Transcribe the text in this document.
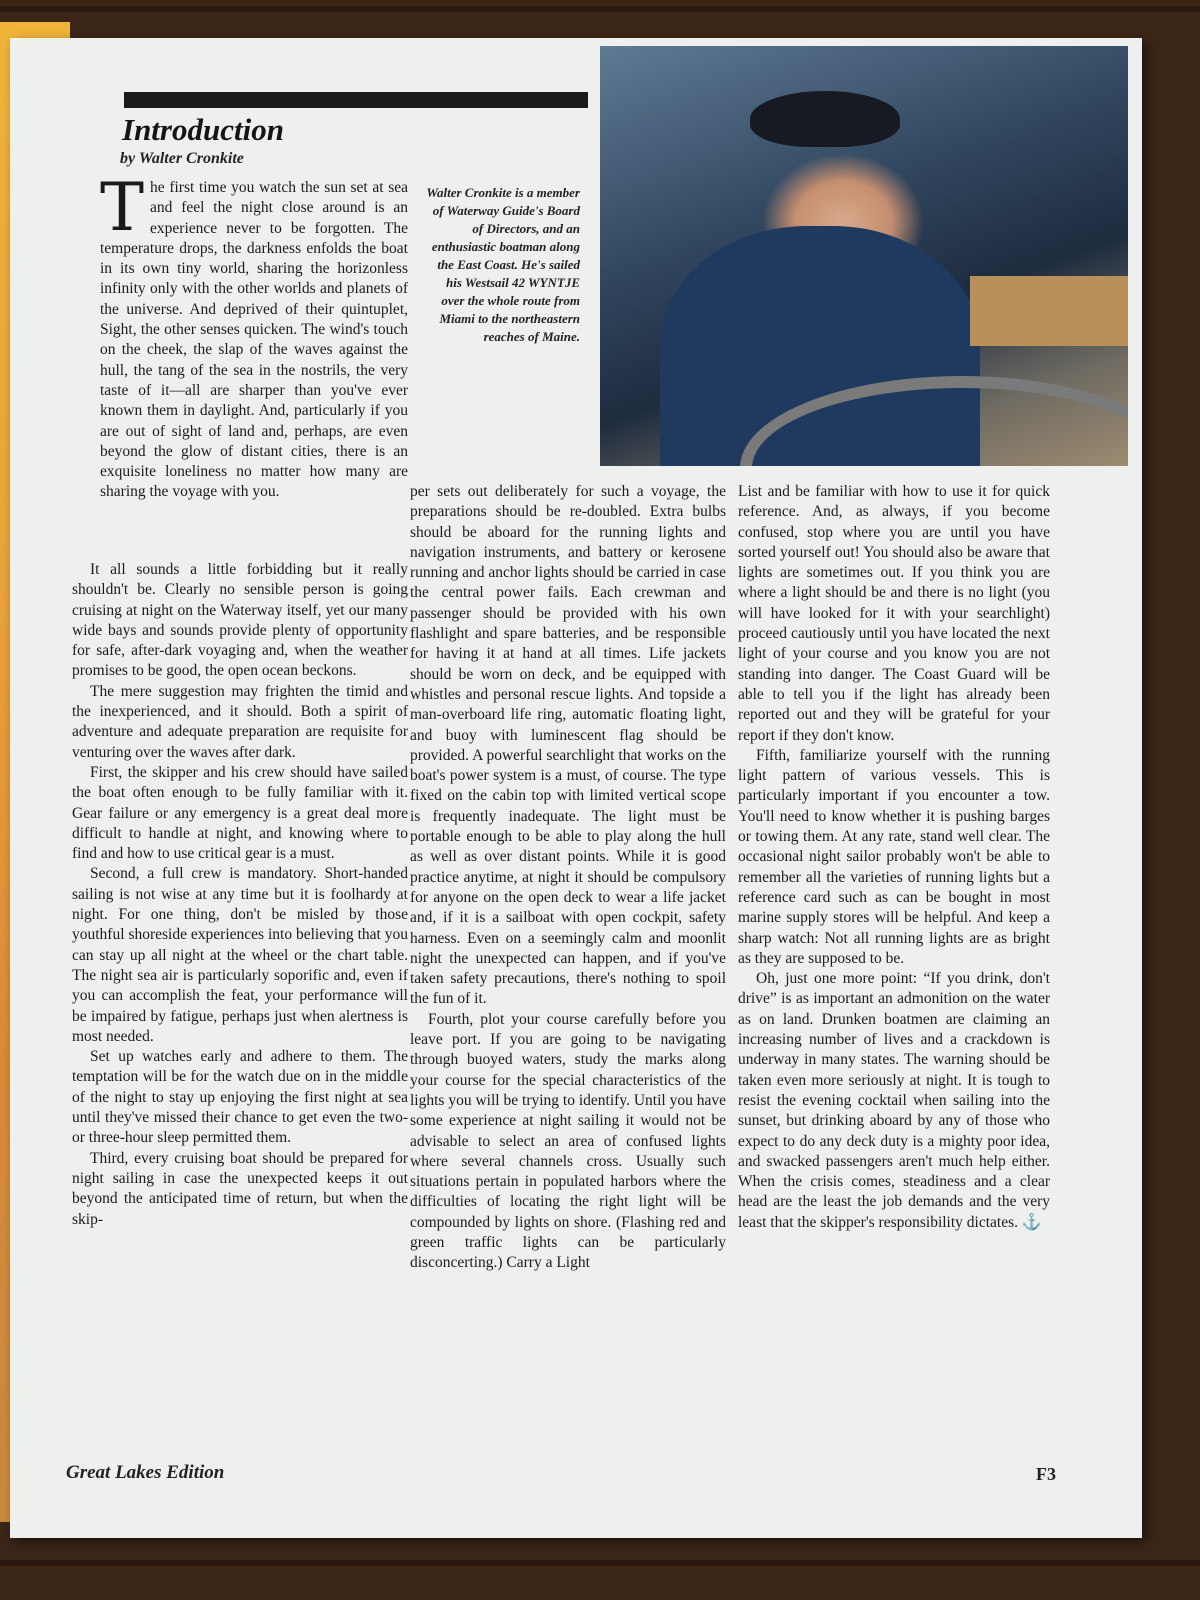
Introduction

by Walter Cronkite

Walter Cronkite is a member of Waterway Guide's Board of Directors, and an enthusiastic boatman along the East Coast. He's sailed his Westsail 42 WYNTJE over the whole route from Miami to the northeastern reaches of Maine.

The first time you watch the sun set at sea and feel the night close around is an experience never to be forgotten. The temperature drops, the darkness enfolds the boat in its own tiny world, sharing the horizonless infinity only with the other worlds and planets of the universe. And deprived of their quintuplet, Sight, the other senses quicken. The wind's touch on the cheek, the slap of the waves against the hull, the tang of the sea in the nostrils, the very taste of it—all are sharper than you've ever known them in daylight. And, particularly if you are out of sight of land and, perhaps, are even beyond the glow of distant cities, there is an exquisite loneliness no matter how many are sharing the voyage with you.

It all sounds a little forbidding but it really shouldn't be. Clearly no sensible person is going cruising at night on the Waterway itself, yet our many wide bays and sounds provide plenty of opportunity for safe, after-dark voyaging and, when the weather promises to be good, the open ocean beckons.

The mere suggestion may frighten the timid and the inexperienced, and it should. Both a spirit of adventure and adequate preparation are requisite for venturing over the waves after dark.

First, the skipper and his crew should have sailed the boat often enough to be fully familiar with it. Gear failure or any emergency is a great deal more difficult to handle at night, and knowing where to find and how to use critical gear is a must.

Second, a full crew is mandatory. Short-handed sailing is not wise at any time but it is foolhardy at night. For one thing, don't be misled by those youthful shoreside experiences into believing that you can stay up all night at the wheel or the chart table. The night sea air is particularly soporific and, even if you can accomplish the feat, your performance will be impaired by fatigue, perhaps just when alertness is most needed.

Set up watches early and adhere to them. The temptation will be for the watch due on in the middle of the night to stay up enjoying the first night at sea until they've missed their chance to get even the two- or three-hour sleep permitted them.

Third, every cruising boat should be prepared for night sailing in case the unexpected keeps it out beyond the anticipated time of return, but when the skip-

per sets out deliberately for such a voyage, the preparations should be re-doubled. Extra bulbs should be aboard for the running lights and navigation instruments, and battery or kerosene running and anchor lights should be carried in case the central power fails. Each crewman and passenger should be provided with his own flashlight and spare batteries, and be responsible for having it at hand at all times. Life jackets should be worn on deck, and be equipped with whistles and personal rescue lights. And topside a man-overboard life ring, automatic floating light, and buoy with luminescent flag should be provided. A powerful searchlight that works on the boat's power system is a must, of course. The type fixed on the cabin top with limited vertical scope is frequently inadequate. The light must be portable enough to be able to play along the hull as well as over distant points. While it is good practice anytime, at night it should be compulsory for anyone on the open deck to wear a life jacket and, if it is a sailboat with open cockpit, safety harness. Even on a seemingly calm and moonlit night the unexpected can happen, and if you've taken safety precautions, there's nothing to spoil the fun of it.

Fourth, plot your course carefully before you leave port. If you are going to be navigating through buoyed waters, study the marks along your course for the special characteristics of the lights you will be trying to identify. Until you have some experience at night sailing it would not be advisable to select an area of confused lights where several channels cross. Usually such situations pertain in populated harbors where the difficulties of locating the right light will be compounded by lights on shore. (Flashing red and green traffic lights can be particularly disconcerting.) Carry a Light

List and be familiar with how to use it for quick reference. And, as always, if you become confused, stop where you are until you have sorted yourself out! You should also be aware that lights are sometimes out. If you think you are where a light should be and there is no light (you will have looked for it with your searchlight) proceed cautiously until you have located the next light of your course and you know you are not standing into danger. The Coast Guard will be able to tell you if the light has already been reported out and they will be grateful for your report if they don't know.

Fifth, familiarize yourself with the running light pattern of various vessels. This is particularly important if you encounter a tow. You'll need to know whether it is pushing barges or towing them. At any rate, stand well clear. The occasional night sailor probably won't be able to remember all the varieties of running lights but a reference card such as can be bought in most marine supply stores will be helpful. And keep a sharp watch: Not all running lights are as bright as they are supposed to be.

Oh, just one more point: “If you drink, don't drive” is as important an admonition on the water as on land. Drunken boatmen are claiming an increasing number of lives and a crackdown is underway in many states. The warning should be taken even more seriously at night. It is tough to resist the evening cocktail when sailing into the sunset, but drinking aboard by any of those who expect to do any deck duty is a mighty poor idea, and swacked passengers aren't much help either. When the crisis comes, steadiness and a clear head are the least the job demands and the very least that the skipper's responsibility dictates. ⚓

Great Lakes Edition	F3
